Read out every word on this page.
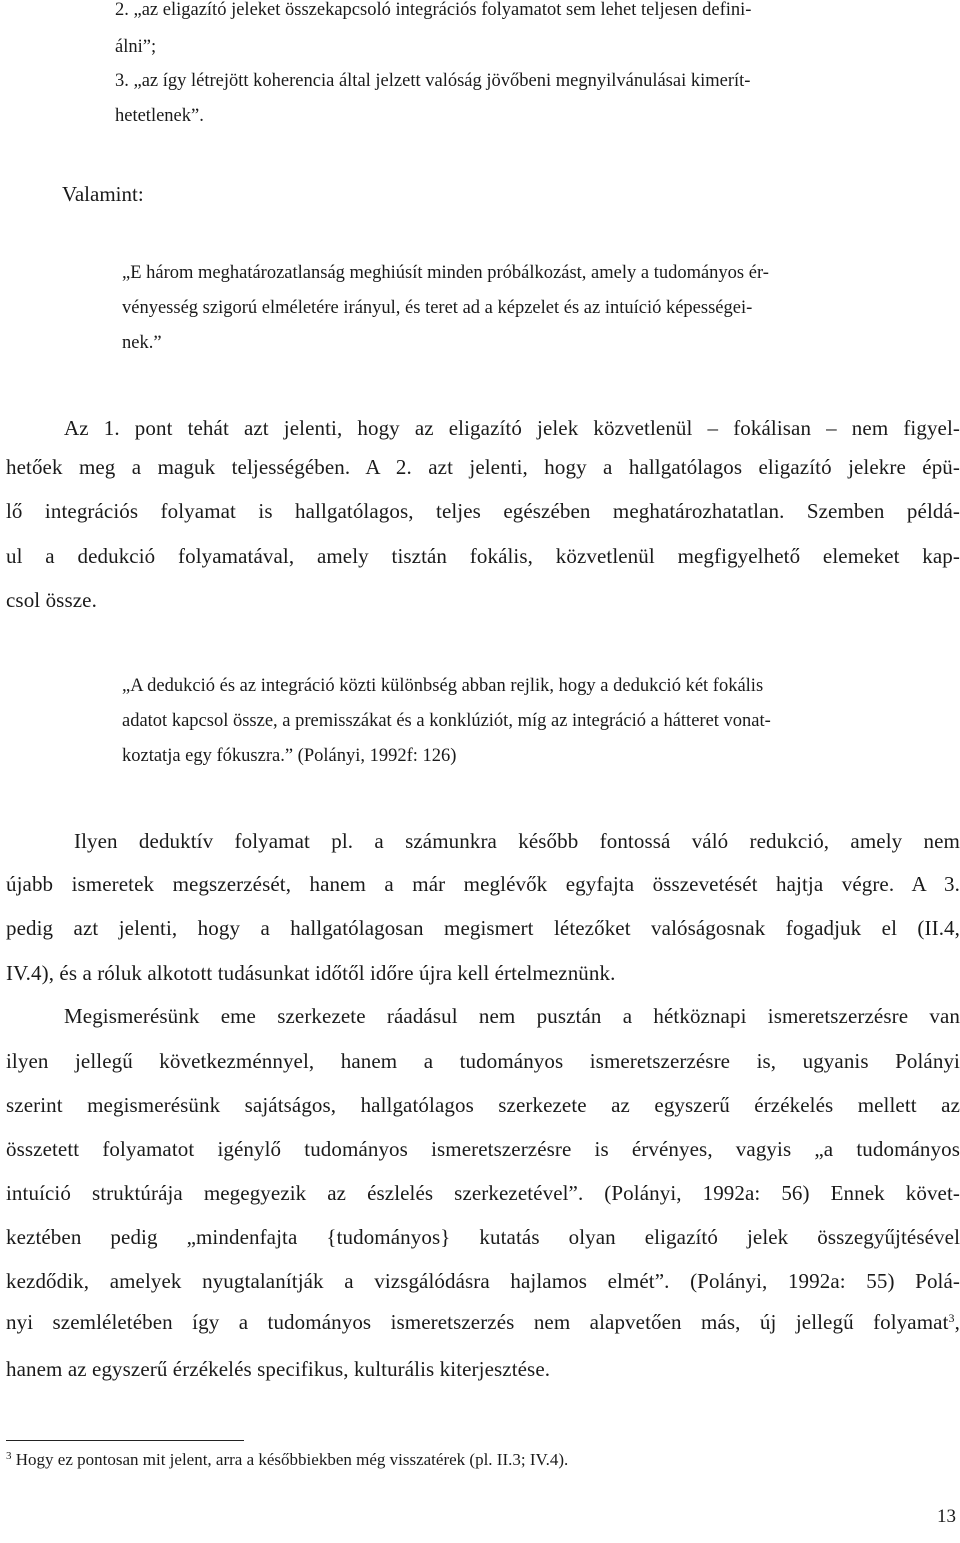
2. „az eligazító jeleket összekapcsoló integrációs folyamatot sem lehet teljesen defini-

álni”;

3. „az így létrejött koherencia által jelzett valóság jövőbeni megnyilvánulásai kimerít-

hetetlenek”.

Valamint:

„E három meghatározatlanság meghiúsít minden próbálkozást, amely a tudományos ér-

vényesség szigorú elméletére irányul, és teret ad a képzelet és az intuíció képességei-

nek.”

Az 1. pont tehát azt jelenti, hogy az eligazító jelek közvetlenül – fokálisan – nem figyel-

hetőek meg a maguk teljességében. A 2. azt jelenti, hogy a hallgatólagos eligazító jelekre épü-

lő integrációs folyamat is hallgatólagos, teljes egészében meghatározhatatlan. Szemben példá-

ul a dedukció folyamatával, amely tisztán fokális, közvetlenül megfigyelhető elemeket kap-

csol össze.

„A dedukció és az integráció közti különbség abban rejlik, hogy a dedukció két fokális

adatot kapcsol össze, a premisszákat és a konklúziót, míg az integráció a hátteret vonat-

koztatja egy fókuszra.” (Polányi, 1992f: 126)

Ilyen deduktív folyamat pl. a számunkra később fontossá váló redukció, amely nem

újabb ismeretek megszerzését, hanem a már meglévők egyfajta összevetését hajtja végre. A 3.

pedig azt jelenti, hogy a hallgatólagosan megismert létezőket valóságosnak fogadjuk el (II.4,

IV.4), és a róluk alkotott tudásunkat időtől időre újra kell értelmeznünk.

Megismerésünk eme szerkezete ráadásul nem pusztán a hétköznapi ismeretszerzésre van

ilyen jellegű következménnyel, hanem a tudományos ismeretszerzésre is, ugyanis Polányi

szerint megismerésünk sajátságos, hallgatólagos szerkezete az egyszerű érzékelés mellett az

összetett folyamatot igénylő tudományos ismeretszerzésre is érvényes, vagyis „a tudományos

intuíció struktúrája megegyezik az észlelés szerkezetével”. (Polányi, 1992a: 56) Ennek követ-

keztében pedig „mindenfajta {tudományos} kutatás olyan eligazító jelek összegyűjtésével

kezdődik, amelyek nyugtalanítják a vizsgálódásra hajlamos elmét”. (Polányi, 1992a: 55) Polá-

nyi szemléletében így a tudományos ismeretszerzés nem alapvetően más, új jellegű folyamat$^3$,

hanem az egyszerű érzékelés specifikus, kulturális kiterjesztése.

$^3$ Hogy ez pontosan mit jelent, arra a későbbiekben még visszatérek (pl. II.3; IV.4).

13
